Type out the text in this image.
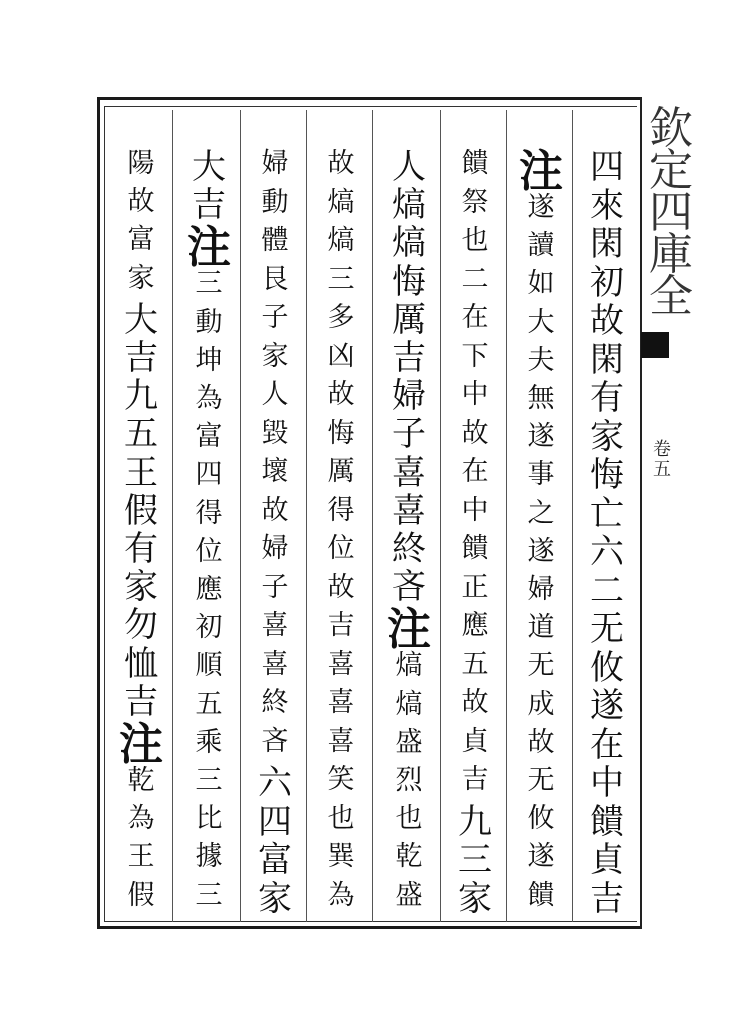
欽
定
四
庫
全
卷五
四
來
閑
初
故
閑
有
家
悔
亡
六
二
无
攸
遂
在
中
饋
貞
吉
注
遂
讀
如
大
夫
無
遂
事
之
遂
婦
道
无
成
故
无
攸
遂
饋
饋
祭
也
二
在
下
中
故
在
中
饋
正
應
五
故
貞
吉
九
三
家
人
熇
熇
悔
厲
吉
婦
子
喜
喜
終
吝
注
熇
熇
盛
烈
也
乾
盛
故
熇
熇
三
多
凶
故
悔
厲
得
位
故
吉
喜
喜
喜
笑
也
巽
為
婦
動
體
艮
子
家
人
毀
壞
故
婦
子
喜
喜
終
吝
六
四
富
家
大
吉
注
三
動
坤
為
富
四
得
位
應
初
順
五
乘
三
比
據
三
陽
故
富
家
大
吉
九
五
王
假
有
家
勿
恤
吉
注
乾
為
王
假
